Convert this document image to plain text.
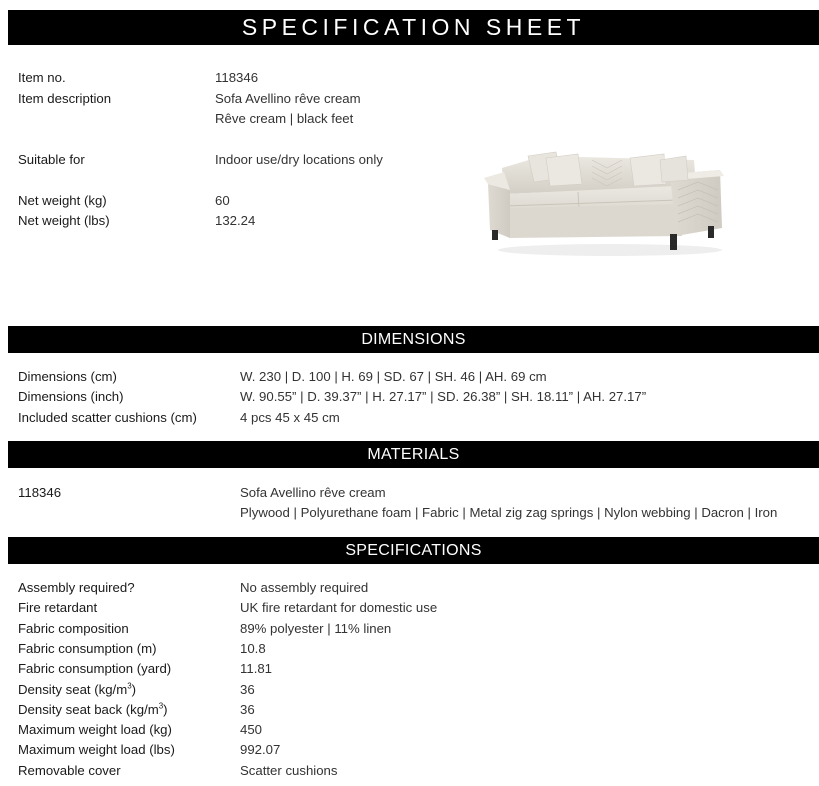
SPECIFICATION SHEET
Item no.	118346
Item description	Sofa Avellino rêve cream
Rêve cream | black feet
Suitable for	Indoor use/dry locations only
Net weight (kg)	60
Net weight (lbs)	132.24
DIMENSIONS
Dimensions (cm)	W. 230 | D. 100 | H. 69 | SD. 67 | SH. 46 | AH. 69 cm
Dimensions (inch)	W. 90.55” | D. 39.37” | H. 27.17” | SD. 26.38” | SH. 18.11” | AH. 27.17”
Included scatter cushions (cm)	4 pcs 45 x 45 cm
MATERIALS
118346	Sofa Avellino rêve cream
Plywood | Polyurethane foam | Fabric | Metal zig zag springs | Nylon webbing | Dacron | Iron
SPECIFICATIONS
Assembly required?	No assembly required
Fire retardant	UK fire retardant for domestic use
Fabric composition	89% polyester | 11% linen
Fabric consumption (m)	10.8
Fabric consumption (yard)	11.81
Density seat $(kg/m^3)$	36
Density seat back $(kg/m^3)$	36
Maximum weight load (kg)	450
Maximum weight load (lbs)	992.07
Removable cover	Scatter cushions
